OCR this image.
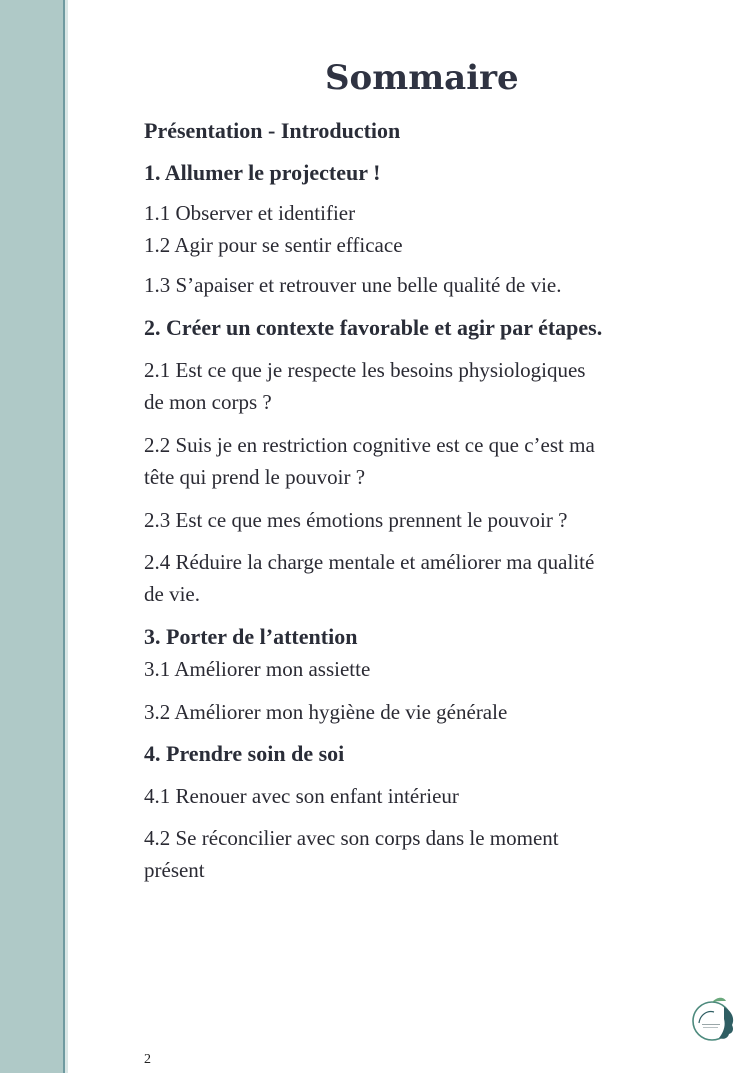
Sommaire
Présentation - Introduction
1. Allumer le projecteur !
1.1 Observer et identifier
1.2 Agir pour se sentir efficace
1.3 S’apaiser et retrouver une belle qualité de vie.
2. Créer un contexte favorable et agir par étapes.
2.1 Est ce que je respecte les besoins physiologiques
de mon corps ?
2.2 Suis je en restriction cognitive est ce que c’est ma
tête qui prend le pouvoir ?
2.3 Est ce que mes émotions prennent le pouvoir ?
2.4 Réduire la charge mentale et améliorer ma qualité
de vie.
3. Porter de l’attention
3.1 Améliorer mon assiette
3.2 Améliorer mon hygiène de vie générale
4. Prendre soin de soi
4.1 Renouer avec son enfant intérieur
4.2 Se réconcilier avec son corps dans le moment
présent
2
